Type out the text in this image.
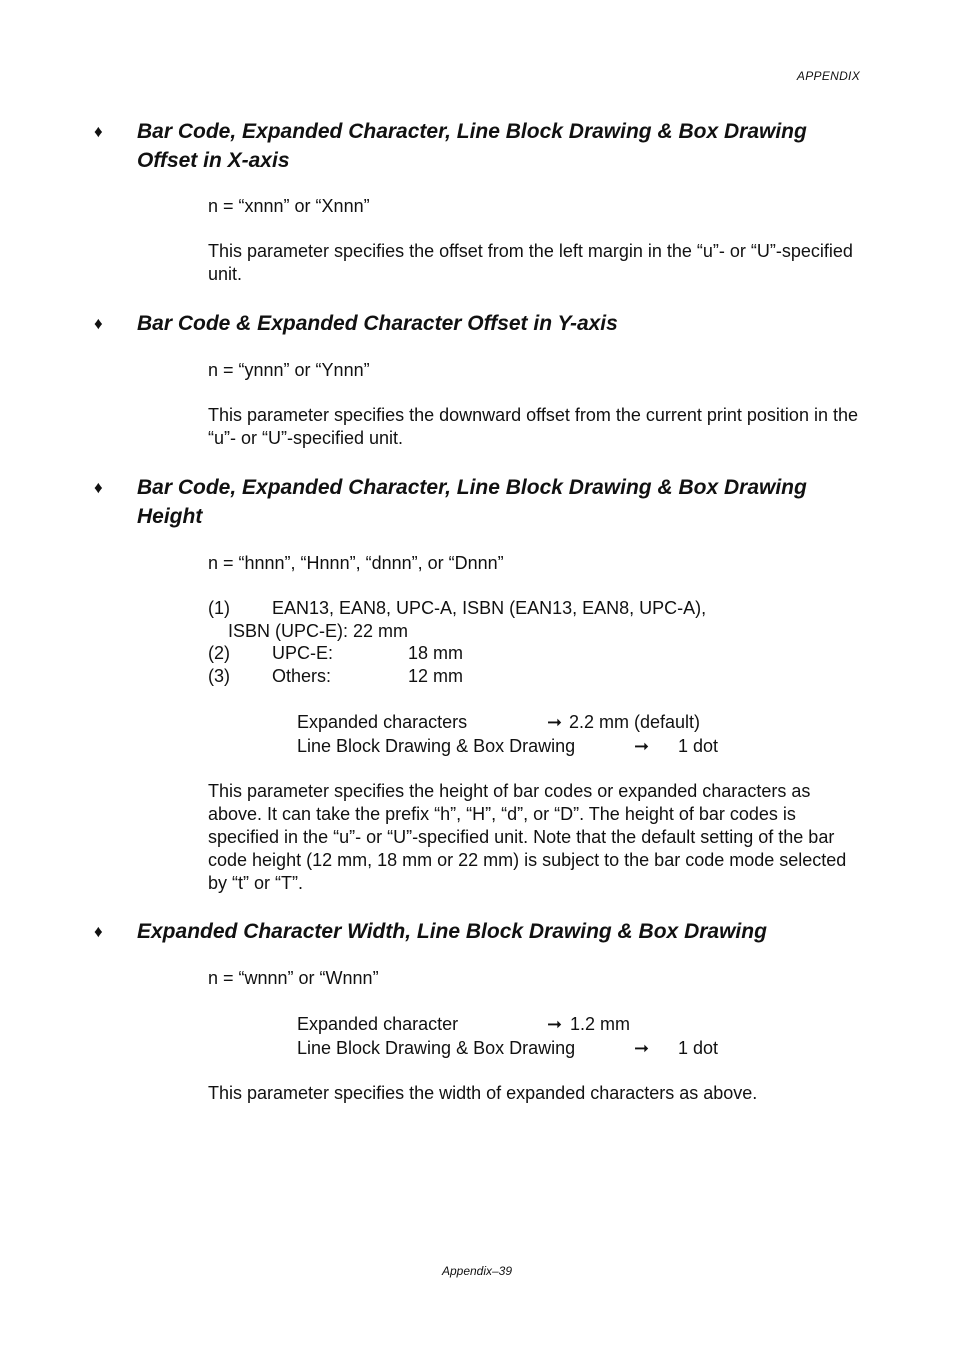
APPENDIX
♦ Bar Code, Expanded Character, Line Block Drawing & Box Drawing Offset in X-axis
n = “xnnn” or “Xnnn”
This parameter specifies the offset from the left margin in the “u”- or “U”-specified unit.
♦ Bar Code & Expanded Character Offset in Y-axis
n = “ynnn” or “Ynnn”
This parameter specifies the downward offset from the current print position in the “u”- or “U”-specified unit.
♦ Bar Code, Expanded Character, Line Block Drawing & Box Drawing Height
n = “hnnn”, “Hnnn”, “dnnn”, or “Dnnn”
(1) EAN13, EAN8, UPC-A, ISBN (EAN13, EAN8, UPC-A),
ISBN (UPC-E): 22 mm
(2) UPC-E:	18 mm
(3) Others:	12 mm
Expanded characters	➞ 2.2 mm (default)
Line Block Drawing & Box Drawing	➞ 1 dot
This parameter specifies the height of bar codes or expanded characters as above. It can take the prefix “h”, “H”, “d”, or “D”. The height of bar codes is specified in the “u”- or “U”-specified unit. Note that the default setting of the bar code height (12 mm, 18 mm or 22 mm) is subject to the bar code mode selected by “t” or “T”.
♦ Expanded Character Width, Line Block Drawing & Box Drawing
n = “wnnn” or “Wnnn”
Expanded character	➞ 1.2 mm
Line Block Drawing & Box Drawing	➞ 1 dot
This parameter specifies the width of expanded characters as above.
Appendix–39
